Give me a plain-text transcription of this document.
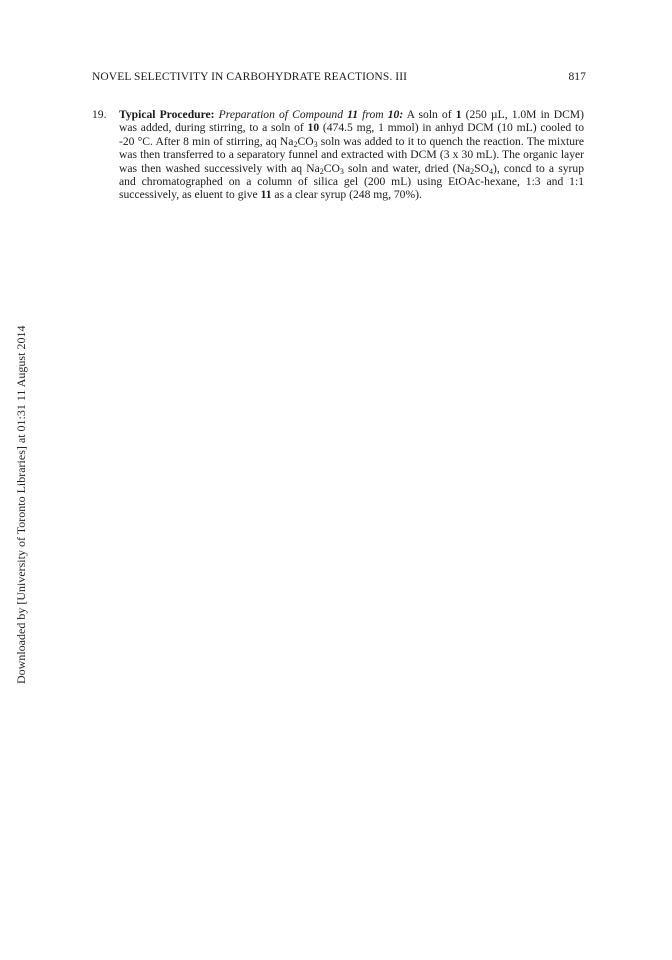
NOVEL SELECTIVITY IN CARBOHYDRATE REACTIONS. III	817
19. Typical Procedure: Preparation of Compound 11 from 10: A soln of 1 (250 µL, 1.0M in DCM) was added, during stirring, to a soln of 10 (474.5 mg, 1 mmol) in anhyd DCM (10 mL) cooled to -20 °C. After 8 min of stirring, aq $Na_2CO_3$ soln was added to it to quench the reaction. The mixture was then transferred to a separatory funnel and extracted with DCM (3 x 30 mL). The organic layer was then washed successively with aq $Na_2CO_3$ soln and water, dried $(Na_2SO_4)$, concd to a syrup and chromatographed on a column of silica gel (200 mL) using EtOAc-hexane, 1:3 and 1:1 successively, as eluent to give 11 as a clear syrup (248 mg, 70%).
Downloaded by [University of Toronto Libraries] at 01:31 11 August 2014
